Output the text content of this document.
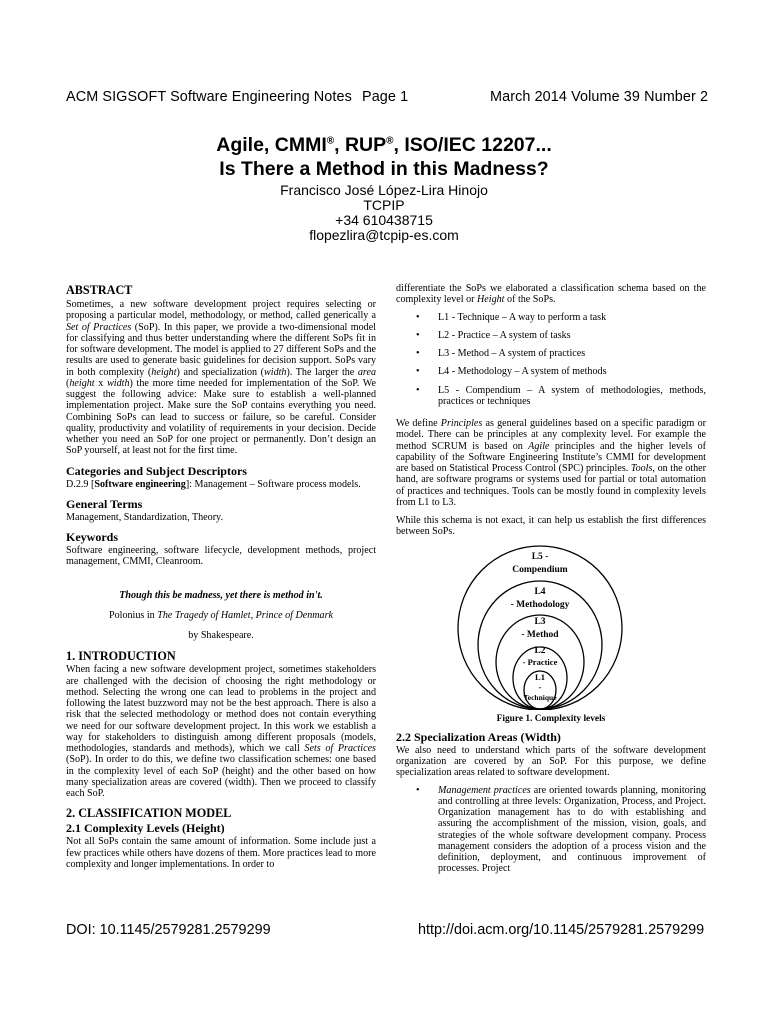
ACM SIGSOFT Software Engineering Notes Page 1	March 2014 Volume 39 Number 2
Agile, CMMI®, RUP®, ISO/IEC 12207...
Is There a Method in this Madness?
Francisco José López-Lira Hinojo
TCPIP
+34 610438715
flopezlira@tcpip-es.com
ABSTRACT

Sometimes, a new software development project requires selecting or proposing a particular model, methodology, or method, called generically a Set of Practices (SoP). In this paper, we provide a two-dimensional model for classifying and thus better understanding where the different SoPs fit in for software development. The model is applied to 27 different SoPs and the results are used to generate basic guidelines for decision support. SoPs vary in both complexity (height) and specialization (width). The larger the area (height x width) the more time needed for implementation of the SoP. We suggest the following advice: Make sure to establish a well-planned implementation project. Make sure the SoP contains everything you need. Combining SoPs can lead to success or failure, so be careful. Consider quality, productivity and volatility of requirements in your decision. Decide whether you need an SoP for one project or permanently. Don’t design an SoP yourself, at least not for the first time.

Categories and Subject Descriptors

D.2.9 [Software engineering]: Management – Software process models.

General Terms

Management, Standardization, Theory.

Keywords

Software engineering, software lifecycle, development methods, project management, CMMI, Cleanroom.

Though this be madness, yet there is method in't.

Polonius in The Tragedy of Hamlet, Prince of Denmark

by Shakespeare.

1. INTRODUCTION

When facing a new software development project, sometimes stakeholders are challenged with the decision of choosing the right methodology or method. Selecting the wrong one can lead to problems in the project and following the latest buzzword may not be the best approach. There is also a risk that the selected methodology or method does not contain everything we need for our software development project. In this work we establish a way for stakeholders to distinguish among different proposals (models, methodologies, standards and methods), which we call Sets of Practices (SoP). In order to do this, we define two classification schemes: one based in the complexity level of each SoP (height) and the other based on how many specialization areas are covered (width). Then we proceed to classify each SoP.

2. CLASSIFICATION MODEL
2.1 Complexity Levels (Height)

Not all SoPs contain the same amount of information. Some include just a few practices while others have dozens of them. More practices lead to more complexity and longer implementations. In order to

differentiate the SoPs we elaborated a classification schema based on the complexity level or Height of the SoPs.

• L1 - Technique – A way to perform a task
• L2 - Practice – A system of tasks
• L3 - Method – A system of practices
• L4 - Methodology – A system of methods
• L5 - Compendium – A system of methodologies, methods, practices or techniques

We define Principles as general guidelines based on a specific paradigm or model. There can be principles at any complexity level. For example the method SCRUM is based on Agile principles and the higher levels of capability of the Software Engineering Institute’s CMMI for development are based on Statistical Process Control (SPC) principles. Tools, on the other hand, are software programs or systems used for partial or total automation of practices and techniques. Tools can be mostly found in complexity levels from L1 to L3.

While this schema is not exact, it can help us establish the first differences between SoPs.

L5 -
Compendium
L4
- Methodology
L3
- Method
L2
- Practice
L1
-
Technique
Figure 1. Complexity levels
2.2 Specialization Areas (Width)

We also need to understand which parts of the software development organization are covered by an SoP. For this purpose, we define specialization areas related to software development.

• Management practices are oriented towards planning, monitoring and controlling at three levels: Organization, Process, and Project. Organization management has to do with establishing and assuring the accomplishment of the mission, vision, goals, and strategies of the whole software development company. Process management considers the adoption of a process vision and the definition, deployment, and continuous improvement of processes. Project
DOI: 10.1145/2579281.2579299	http://doi.acm.org/10.1145/2579281.2579299
